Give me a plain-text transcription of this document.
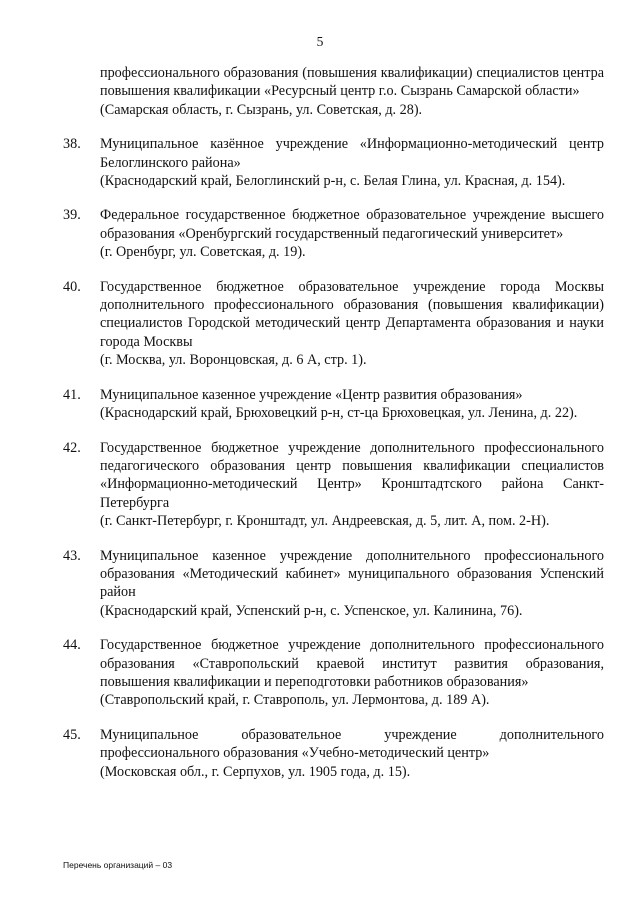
5
профессионального образования (повышения квалификации) специалистов центра повышения квалификации «Ресурсный центр г.о. Сызрань Самарской области»
(Самарская область, г. Сызрань, ул. Советская, д. 28).
38. Муниципальное казённое учреждение «Информационно-методический центр Белоглинского района»
(Краснодарский край, Белоглинский р-н, с. Белая Глина, ул. Красная, д. 154).
39. Федеральное государственное бюджетное образовательное учреждение высшего образования «Оренбургский государственный педагогический университет»
(г. Оренбург, ул. Советская, д. 19).
40. Государственное бюджетное образовательное учреждение города Москвы дополнительного профессионального образования (повышения квалификации) специалистов Городской методический центр Департамента образования и науки города Москвы
(г. Москва, ул. Воронцовская, д. 6 А, стр. 1).
41. Муниципальное казенное учреждение «Центр развития образования»
(Краснодарский край, Брюховецкий р-н, ст-ца Брюховецкая, ул. Ленина, д. 22).
42. Государственное бюджетное учреждение дополнительного профессионального педагогического образования центр повышения квалификации специалистов «Информационно-методический Центр» Кронштадтского района Санкт-Петербурга
(г. Санкт-Петербург, г. Кронштадт, ул. Андреевская, д. 5, лит. А, пом. 2-Н).
43. Муниципальное казенное учреждение дополнительного профессионального образования «Методический кабинет» муниципального образования Успенский район
(Краснодарский край, Успенский р-н, с. Успенское, ул. Калинина, 76).
44. Государственное бюджетное учреждение дополнительного профессионального образования «Ставропольский краевой институт развития образования, повышения квалификации и переподготовки работников образования»
(Ставропольский край, г. Ставрополь, ул. Лермонтова, д. 189 А).
45. Муниципальное образовательное учреждение дополнительного профессионального образования «Учебно-методический центр»
(Московская обл., г. Серпухов, ул. 1905 года, д. 15).
Перечень организаций – 03
